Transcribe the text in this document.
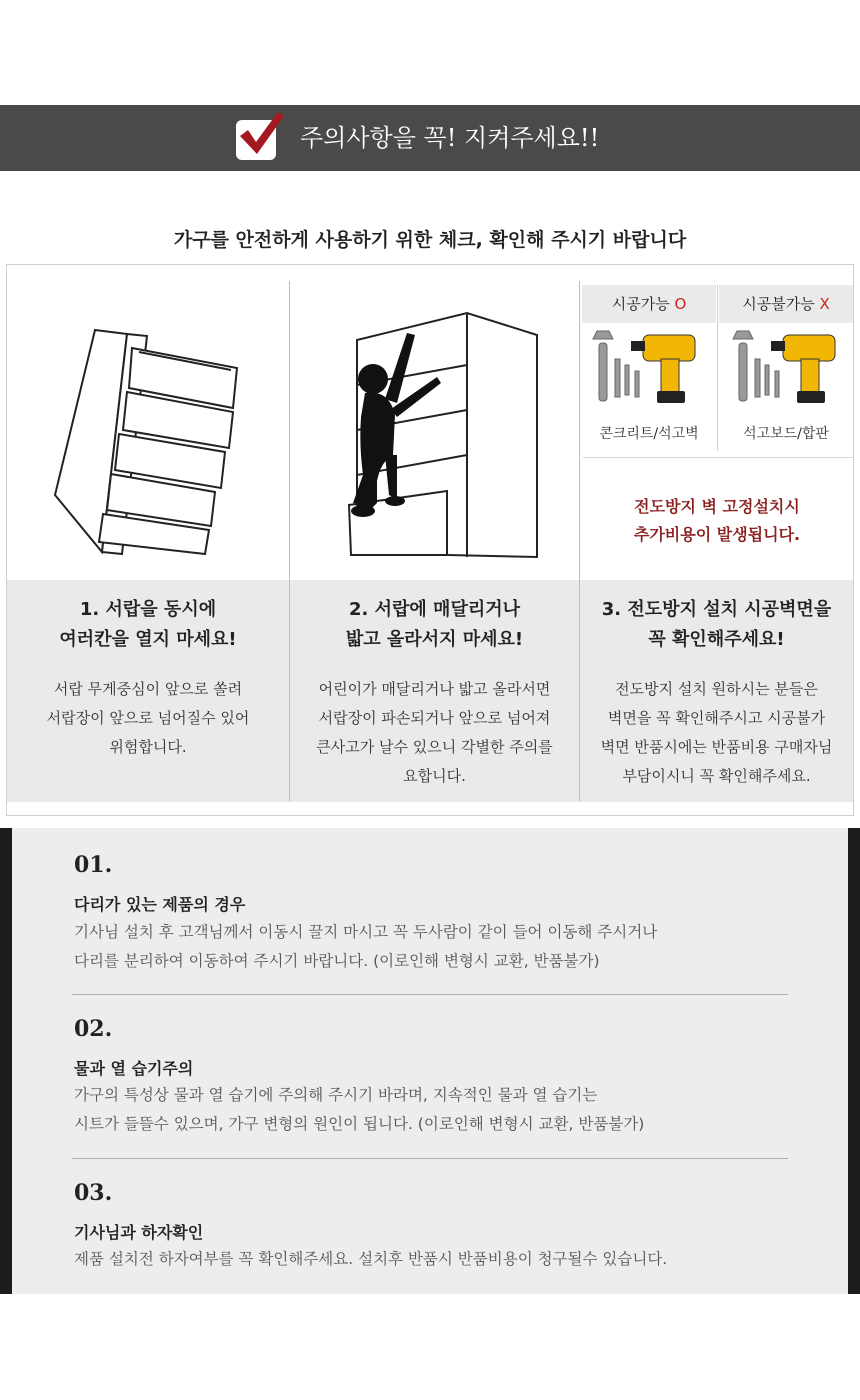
주의사항을 꼭! 지켜주세요!!
가구를 안전하게 사용하기 위한 체크, 확인해 주시기 바랍니다
시공가능 O	시공불가능 X
콘크리트/석고벽	석고보드/합판
전도방지 벽 고정설치시
추가비용이 발생됩니다.
1. 서랍을 동시에
여러칸을 열지 마세요!
서랍 무게중심이 앞으로 쏠려
서랍장이 앞으로 넘어질수 있어
위험합니다.
2. 서랍에 매달리거나
밟고 올라서지 마세요!
어린이가 매달리거나 밟고 올라서면
서랍장이 파손되거나 앞으로 넘어져
큰사고가 날수 있으니 각별한 주의를
요합니다.
3. 전도방지 설치 시공벽면을
꼭 확인해주세요!
전도방지 설치 원하시는 분들은
벽면을 꼭 확인해주시고 시공불가
벽면 반품시에는 반품비용 구매자님
부담이시니 꼭 확인해주세요.
01.
다리가 있는 제품의 경우
기사님 설치 후 고객님께서 이동시 끌지 마시고 꼭 두사람이 같이 들어 이동해 주시거나
다리를 분리하여 이동하여 주시기 바랍니다. (이로인해 변형시 교환, 반품불가)
02.
물과 열 습기주의
가구의 특성상 물과 열 습기에 주의해 주시기 바라며, 지속적인 물과 열 습기는
시트가 들뜰수 있으며, 가구 변형의 원인이 됩니다. (이로인해 변형시 교환, 반품불가)
03.
기사님과 하자확인
제품 설치전 하자여부를 꼭 확인해주세요. 설치후 반품시 반품비용이 청구될수 있습니다.
